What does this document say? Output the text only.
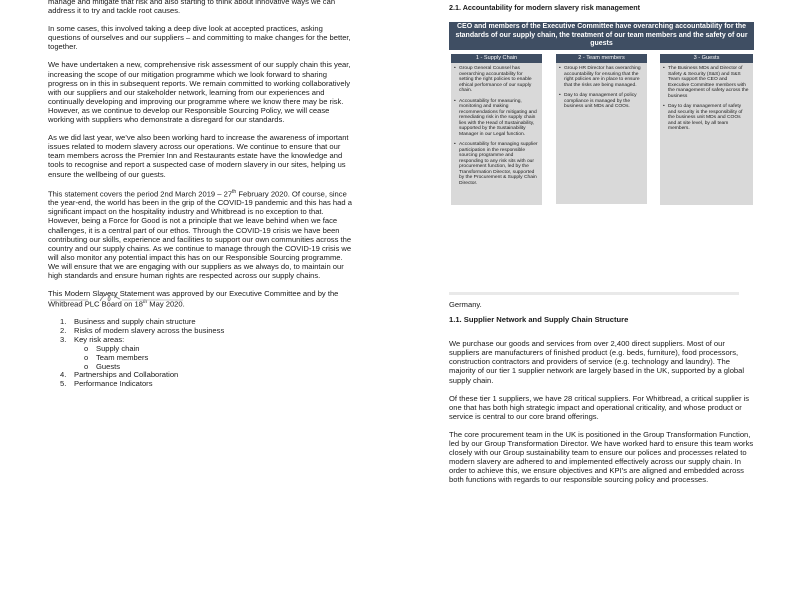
manage and mitigate that risk and also starting to think about innovative ways we can
address it to try and tackle root causes.

In some cases, this involved taking a deep dive look at accepted practices, asking questions of ourselves and our suppliers – and committing to make changes for the better, together.

We have undertaken a new, comprehensive risk assessment of our supply chain this year, increasing the scope of our mitigation programme which we look forward to sharing progress on in this in subsequent reports. We remain committed to working collaboratively with our suppliers and our stakeholder network, learning from our experiences and continually developing and improving our programme where we know there may be risk. However, as we continue to develop our Responsible Sourcing Policy, we will cease working with suppliers who demonstrate a disregard for our standards.

As we did last year, we’ve also been working hard to increase the awareness of important issues related to modern slavery across our operations. We continue to ensure that our team members across the Premier Inn and Restaurants estate have the knowledge and tools to recognise and report a suspected case of modern slavery in our sites, helping us ensure the wellbeing of our guests.

This statement covers the period 2nd March 2019 – 27th February 2020. Of course, since the year-end, the world has been in the grip of the COVID-19 pandemic and this has had a significant impact on the hospitality industry and Whitbread is no exception to that. However, being a Force for Good is not a principle that we leave behind when we face challenges, it is a central part of our ethos. Through the COVID-19 crisis we have been contributing our skills, experience and facilities to support our own communities across the country and our supply chains. As we continue to manage through the COVID-19 crisis we will also monitor any potential impact this has on our Responsible Sourcing programme. We will ensure that we are engaging with our suppliers as we always do, to maintain our high standards and ensure human rights are respected across our supply chains.

This Modern Slavery Statement was approved by our Executive Committee and by the Whitbread PLC Board on 18th May 2020.

1. Business and supply chain structure
2. Risks of modern slavery across the business
3. Key risk areas:
o Supply chain
o Team members
o Guests
4. Partnerships and Collaboration
5. Performance Indicators
2.1. Accountability for modern slavery risk management
CEO and members of the Executive Committee have overarching accountability for the standards of our supply chain, the treatment of our team members and the safety of our guests
1 - Supply Chain
• Group General Counsel has overarching accountability for setting the right policies to enable ethical performance of our supply chain.
• Accountability for measuring, monitoring and making recommendations for mitigating and remediating risk in the supply chain lies with the Head of Sustainability, supported by the Sustainability Manager in our Legal function.
• Accountability for managing supplier participation in the responsible sourcing programme and responding to any risk sits with our procurement function, led by the Transformation Director, supported by the Procurement & Supply Chain Director.
2 - Team members
• Group HR Director has overarching accountability for ensuring that the right policies are in place to ensure that the risks are being managed.
• Day to day management of policy compliance is managed by the business unit MDs and COOs.
3 - Guests
• The Business MDs and Director of Safety & Security (S&S) and S&S Team support the CEO and Executive Committee members with the management of safety across the business
• Day to day management of safety and security is the responsibility of the business unit MDs and COOs and at site level, by all team members.

Germany.

1.1. Supplier Network and Supply Chain Structure

We purchase our goods and services from over 2,400 direct suppliers. Most of our suppliers are manufacturers of finished product (e.g. beds, furniture), food processors, construction contractors and providers of service (e.g. technology and laundry). The majority of our tier 1 supplier network are largely based in the UK, supported by a global supply chain.

Of these tier 1 suppliers, we have 28 critical suppliers. For Whitbread, a critical supplier is one that has both high strategic impact and operational criticality, and whose product or service is central to our core brand offerings.

The core procurement team in the UK is positioned in the Group Transformation Function, led by our Group Transformation Director. We have worked hard to ensure this team works closely with our Group sustainability team to ensure our polices and processes related to modern slavery are adhered to and implemented effectively across our supply chain. In order to achieve this, we ensure objectives and KPI’s are aligned and embedded across both functions with regards to our responsible sourcing policy and processes.
